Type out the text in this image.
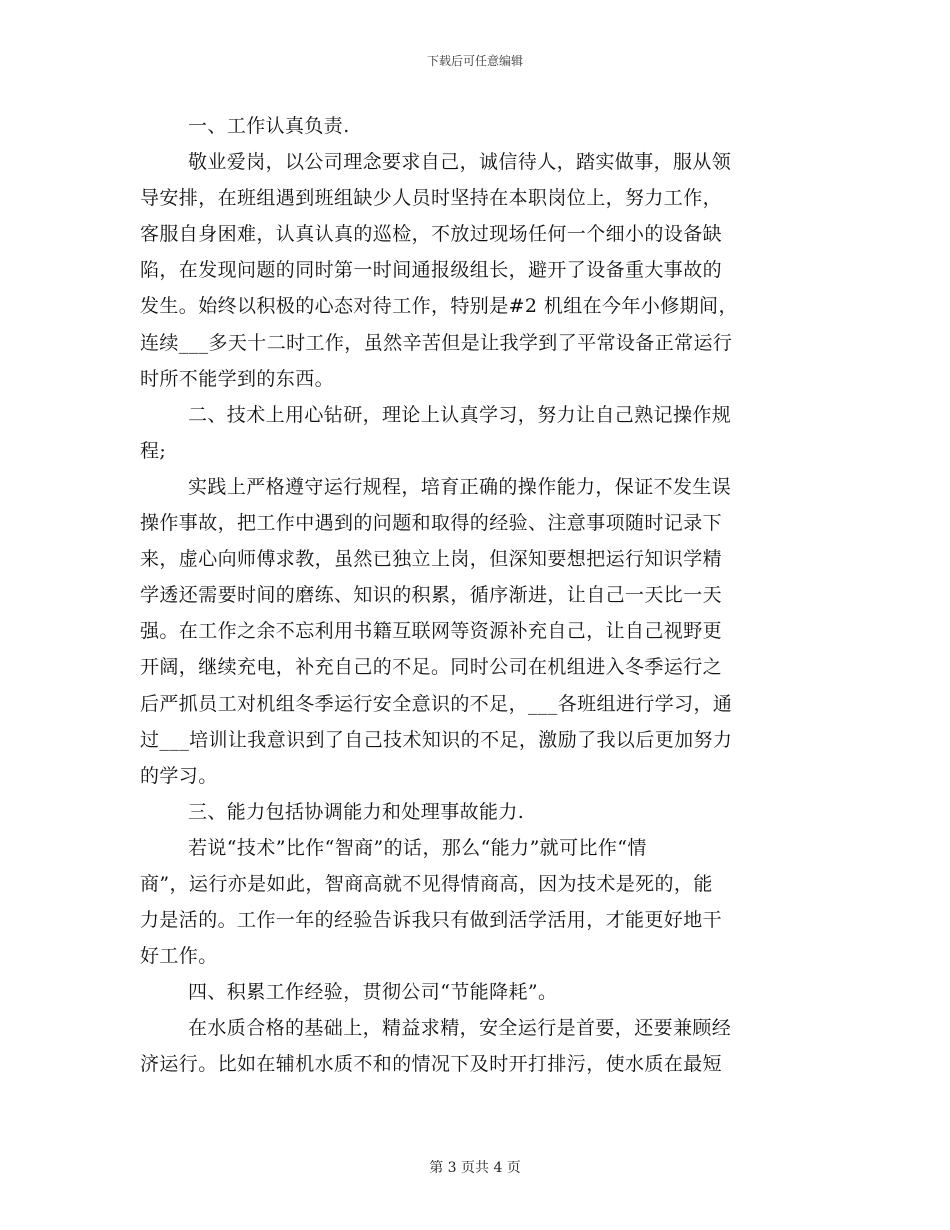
下载后可任意编辑
一、工作认真负责.
敬业爱岗，以公司理念要求自己，诚信待人，踏实做事，服从领
导安排，在班组遇到班组缺少人员时坚持在本职岗位上，努力工作，
客服自身困难，认真认真的巡检，不放过现场任何一个细小的设备缺
陷，在发现问题的同时第一时间通报级组长，避开了设备重大事故的
发生。始终以积极的心态对待工作，特别是#2 机组在今年小修期间，
连续___多天十二时工作，虽然辛苦但是让我学到了平常设备正常运行
时所不能学到的东西。
二、技术上用心钻研，理论上认真学习，努力让自己熟记操作规
程;
实践上严格遵守运行规程，培育正确的操作能力，保证不发生误
操作事故，把工作中遇到的问题和取得的经验、注意事项随时记录下
来，虚心向师傅求教，虽然已独立上岗，但深知要想把运行知识学精
学透还需要时间的磨练、知识的积累，循序渐进，让自己一天比一天
强。在工作之余不忘利用书籍互联网等资源补充自己，让自己视野更
开阔，继续充电，补充自己的不足。同时公司在机组进入冬季运行之
后严抓员工对机组冬季运行安全意识的不足，___各班组进行学习，通
过___培训让我意识到了自己技术知识的不足，激励了我以后更加努力
的学习。
三、能力包括协调能力和处理事故能力.
若说“技术”比作“智商”的话，那么“能力”就可比作“情
商”，运行亦是如此，智商高就不见得情商高，因为技术是死的，能
力是活的。工作一年的经验告诉我只有做到活学活用，才能更好地干
好工作。
四、积累工作经验，贯彻公司“节能降耗”。
在水质合格的基础上，精益求精，安全运行是首要，还要兼顾经
济运行。比如在辅机水质不和的情况下及时开打排污，使水质在最短
第 3 页共 4 页
